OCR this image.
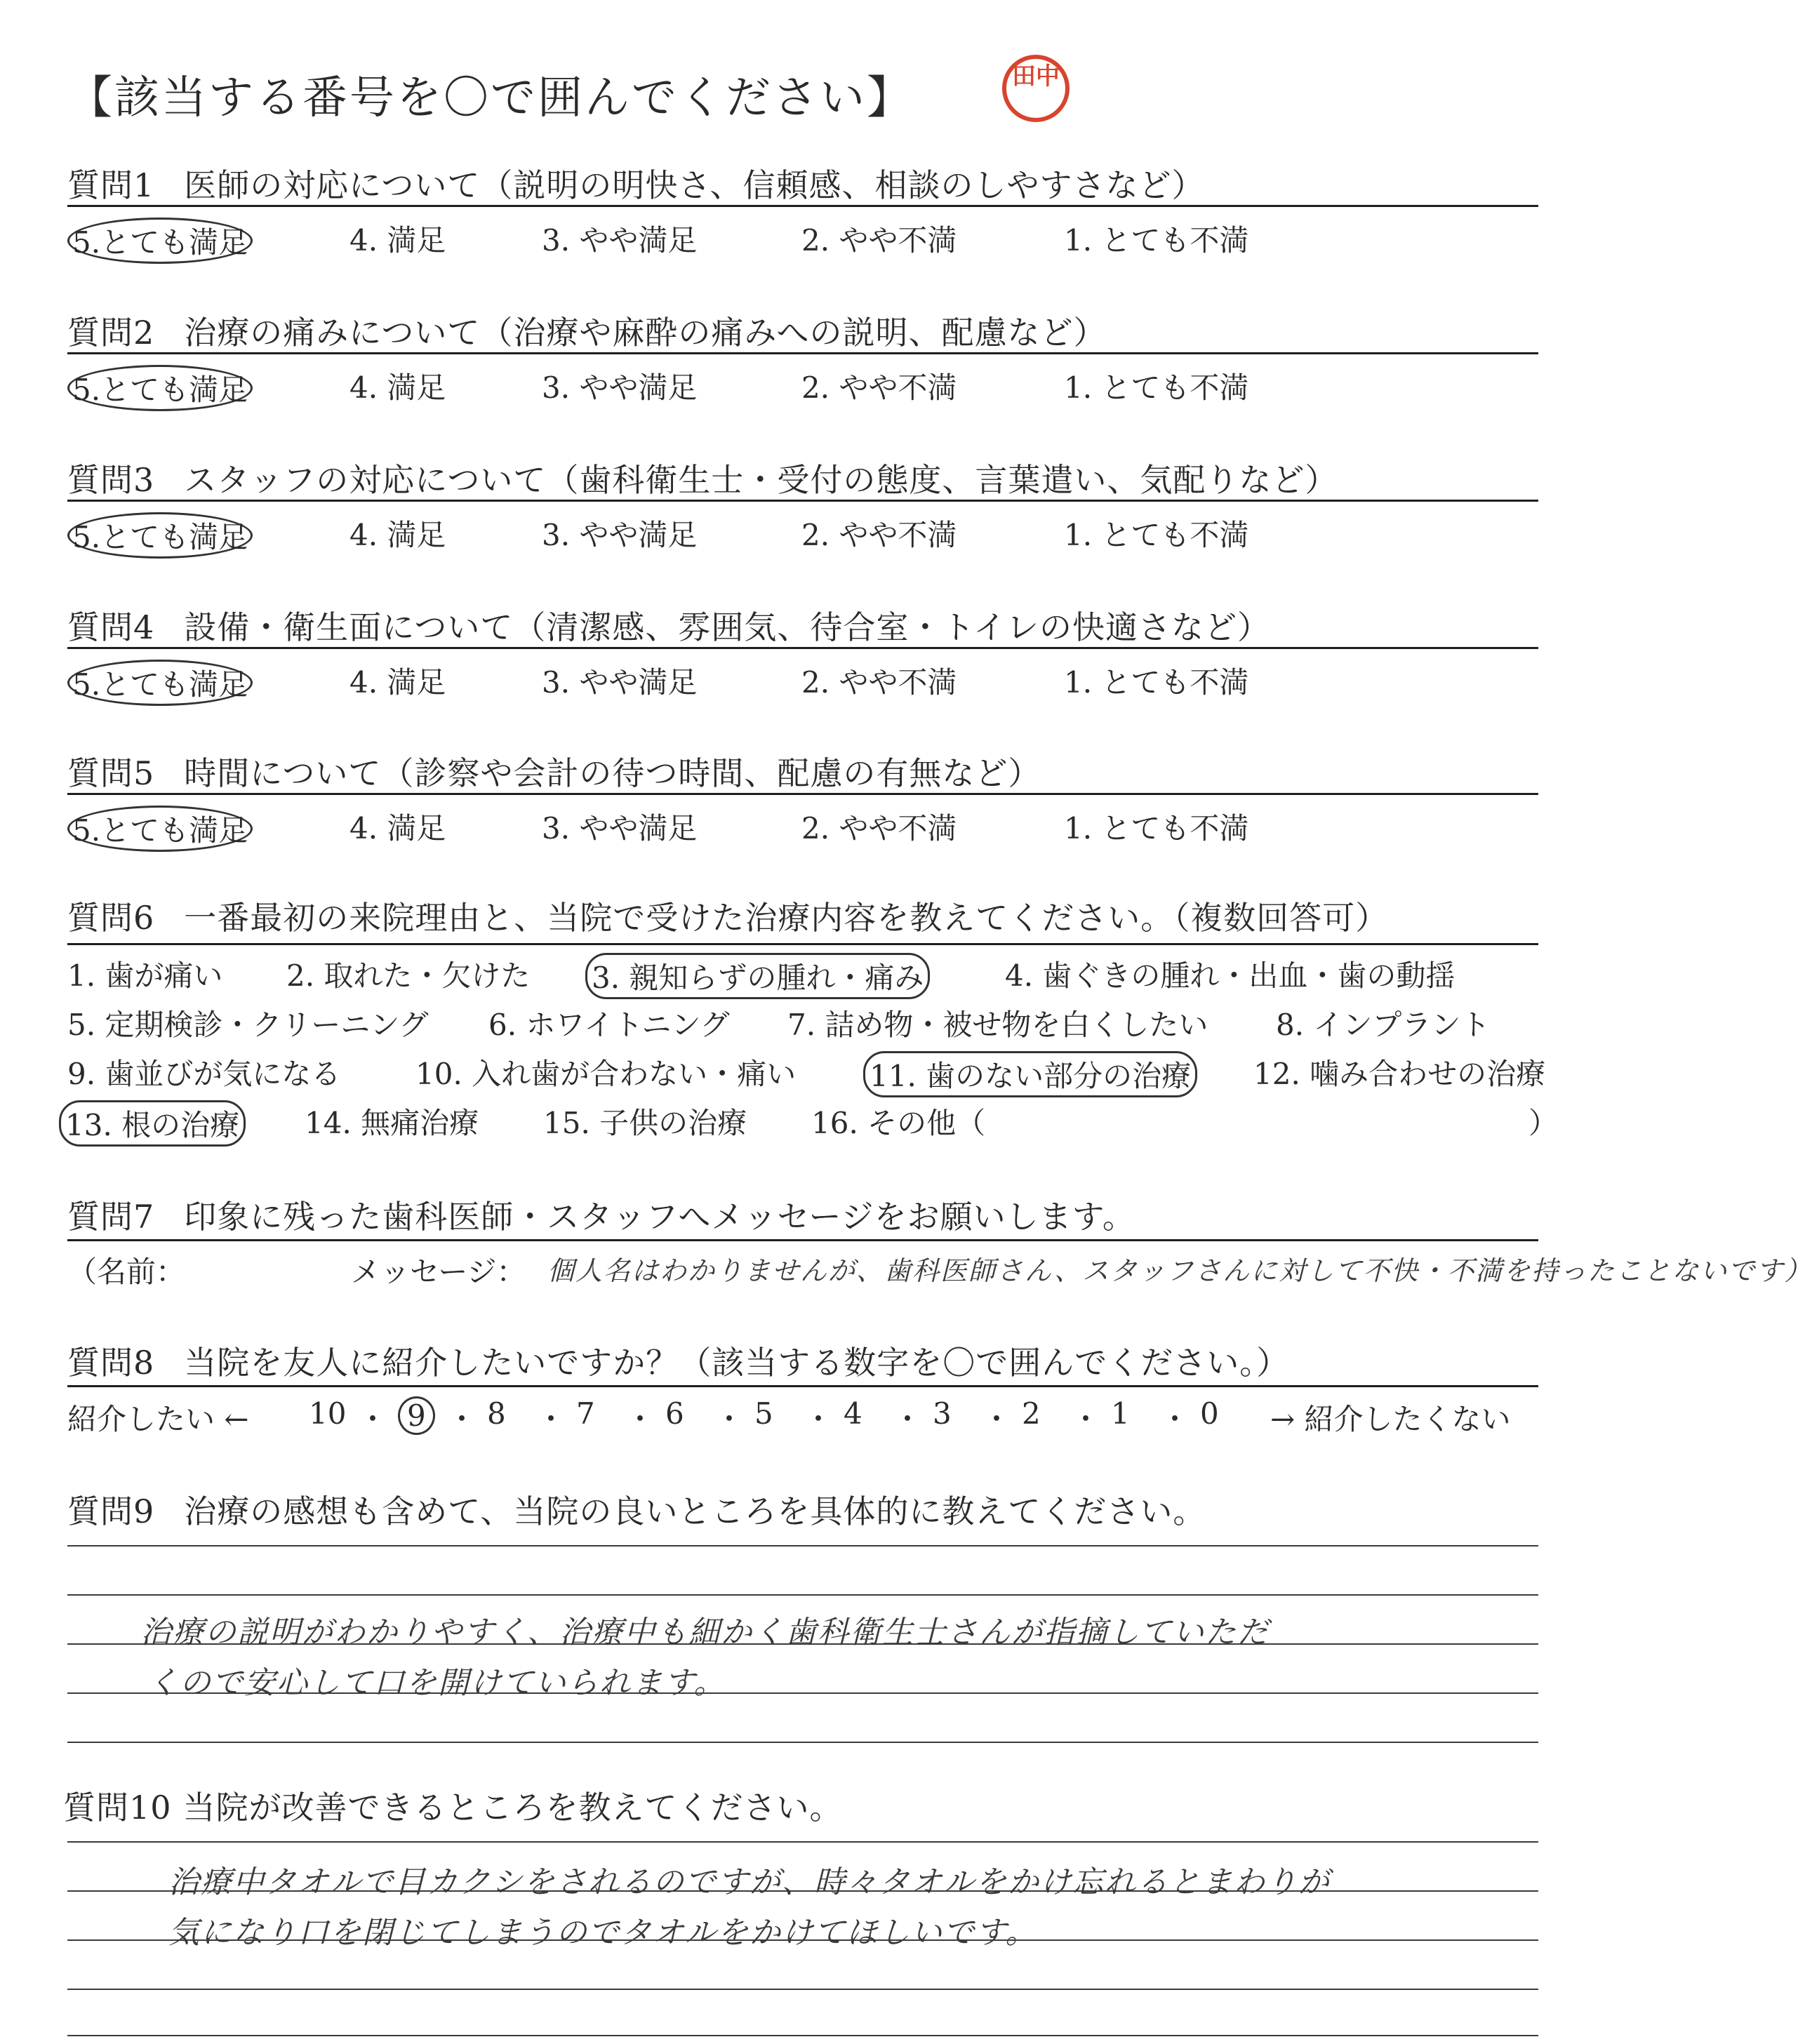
【該当する番号を〇で囲んでください】	田中
質問1 医師の対応について（説明の明快さ、信頼感、相談のしやすさなど）
5.とても満足	4. 満足	3. やや満足	2. やや不満	1. とても不満
質問2 治療の痛みについて（治療や麻酔の痛みへの説明、配慮など）
5.とても満足	4. 満足	3. やや満足	2. やや不満	1. とても不満
質問3 スタッフの対応について（歯科衛生士・受付の態度、言葉遣い、気配りなど）
5.とても満足	4. 満足	3. やや満足	2. やや不満	1. とても不満
質問4 設備・衛生面について（清潔感、雰囲気、待合室・トイレの快適さなど）
5.とても満足	4. 満足	3. やや満足	2. やや不満	1. とても不満
質問5 時間について（診察や会計の待つ時間、配慮の有無など）
5.とても満足	4. 満足	3. やや満足	2. やや不満	1. とても不満
質問6 一番最初の来院理由と、当院で受けた治療内容を教えてください。（複数回答可）
1. 歯が痛い 2. 取れた・欠けた 3. 親知らずの腫れ・痛み	4. 歯ぐきの腫れ・出血・歯の動揺
5. 定期検診・クリーニング 6. ホワイトニング 7. 詰め物・被せ物を白くしたい 8. インプラント
9. 歯並びが気になる	10. 入れ歯が合わない・痛い 11. 歯のない部分の治療 12. 噛み合わせの治療
13. 根の治療 14. 無痛治療 15. 子供の治療 16. その他（	）
質問7 印象に残った歯科医師・スタッフへメッセージをお願いします。
（名前：	メッセージ： 個人名はわかりませんが、歯科医師さん、スタッフさんに対して不快・不満を持ったことないです）
質問8 当院を友人に紹介したいですか？（該当する数字を〇で囲んでください。）
紹介したい ←	→ 紹介したくない
10 ・ 9 ・ 8 ・ 7 ・ 6 ・ 5 ・ 4 ・ 3 ・ 2 ・ 1 ・ 0
質問9 治療の感想も含めて、当院の良いところを具体的に教えてください。
治療の説明がわかりやすく、治療中も細かく歯科衛生士さんが指摘していただ
くので安心して口を開けていられます。
質問10 当院が改善できるところを教えてください。
治療中タオルで目カクシをされるのですが、時々タオルをかけ忘れるとまわりが
気になり口を閉じてしまうのでタオルをかけてほしいです。
